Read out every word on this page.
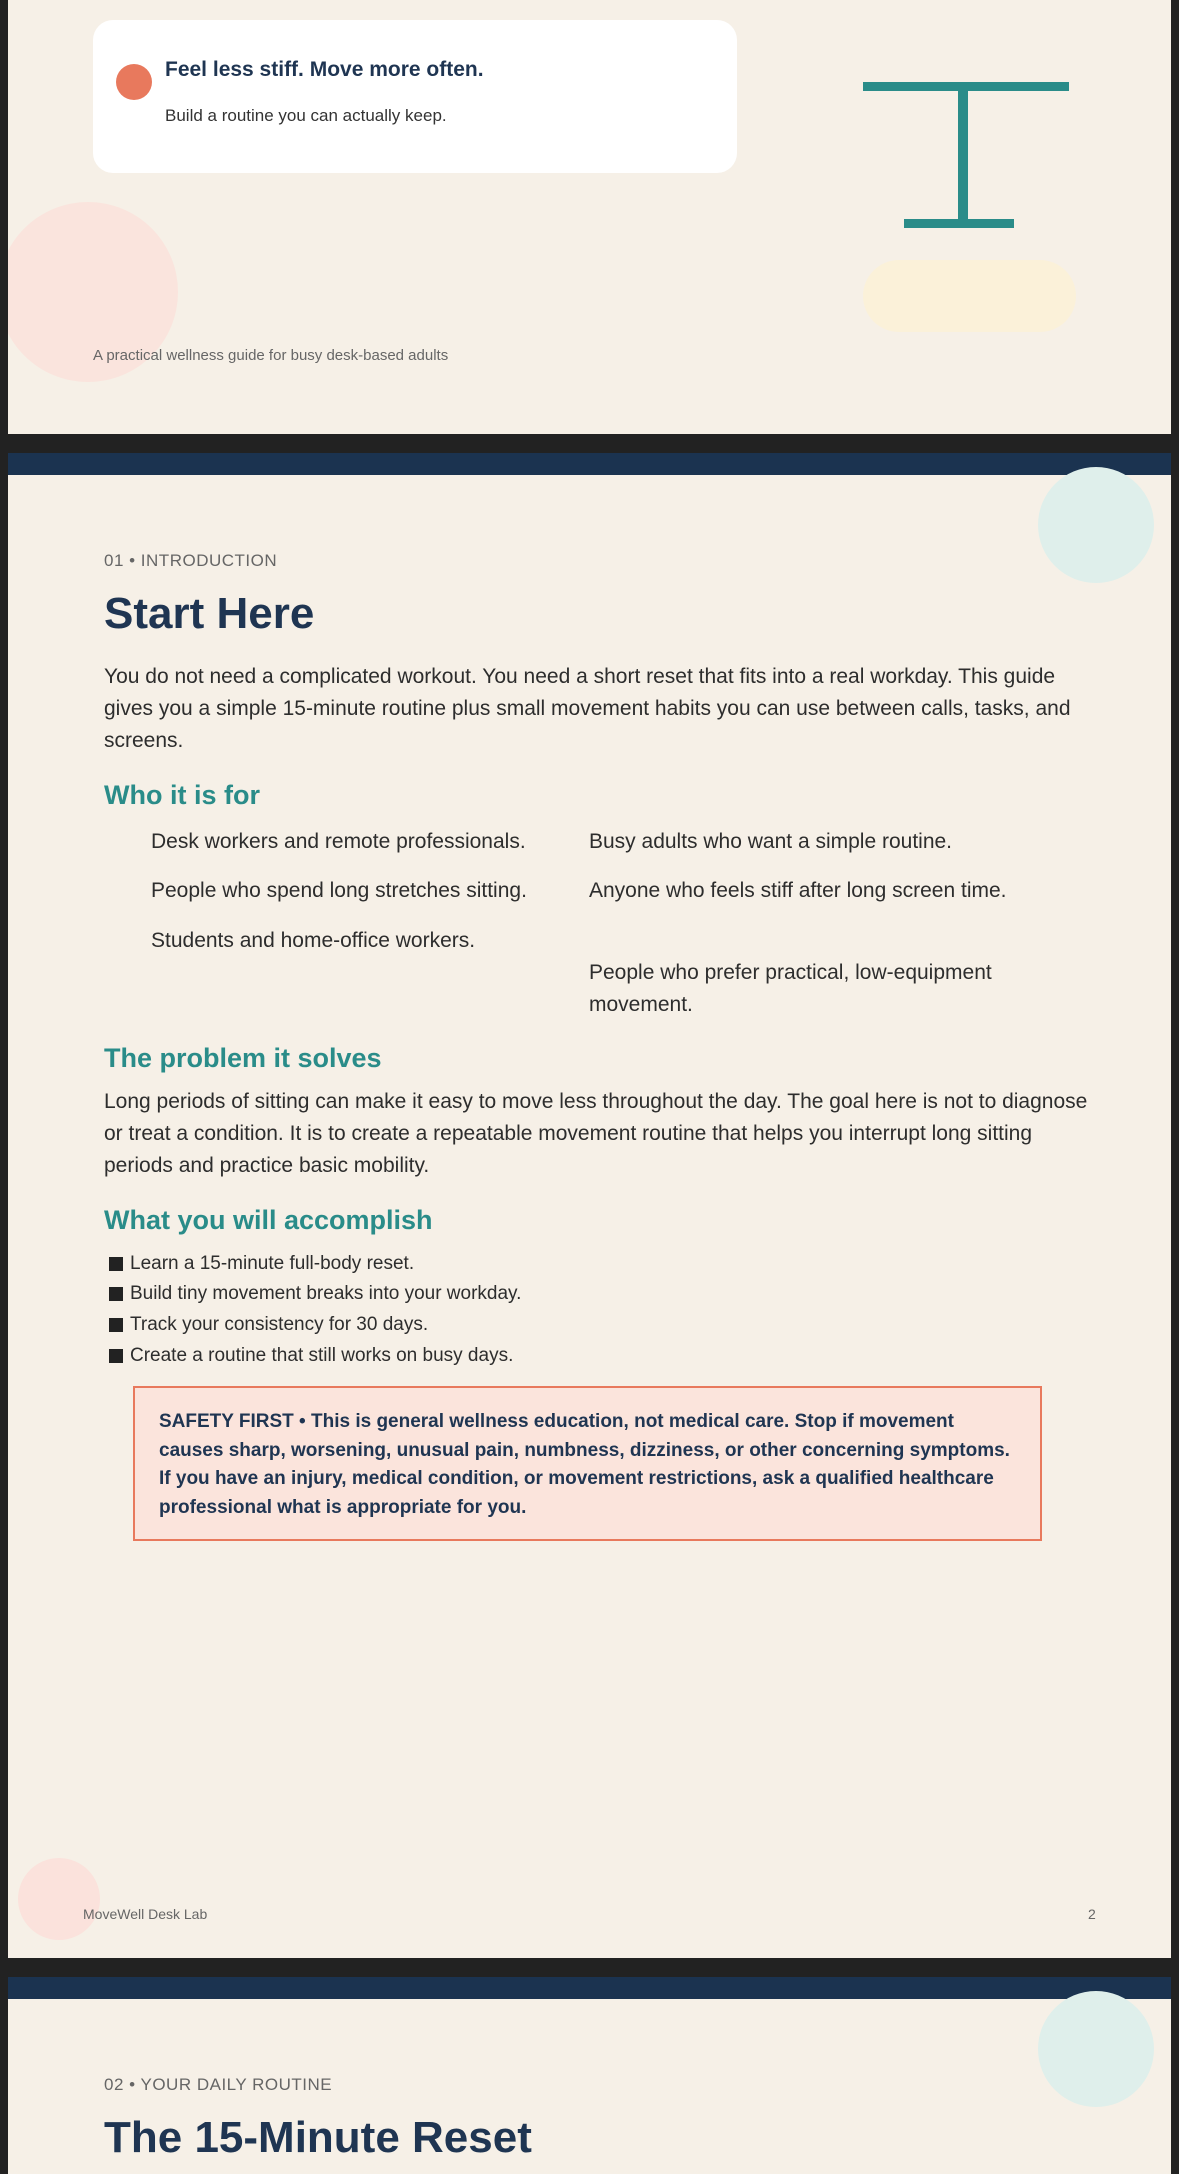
Feel less stiff. Move more often.
Build a routine you can actually keep.
A practical wellness guide for busy desk-based adults
01 • INTRODUCTION
Start Here

You do not need a complicated workout. You need a short reset that fits into a real workday. This guide gives you a simple 15-minute routine plus small movement habits you can use between calls, tasks, and screens.

Who it is for
Desk workers and remote professionals.
People who spend long stretches sitting.
Students and home-office workers.
Busy adults who want a simple routine.
Anyone who feels stiff after long screen time.
People who prefer practical, low-equipment movement.
The problem it solves

Long periods of sitting can make it easy to move less throughout the day. The goal here is not to diagnose or treat a condition. It is to create a repeatable movement routine that helps you interrupt long sitting periods and practice basic mobility.

What you will accomplish
Learn a 15-minute full-body reset.
Build tiny movement breaks into your workday.
Track your consistency for 30 days.
Create a routine that still works on busy days.
SAFETY FIRST • This is general wellness education, not medical care. Stop if movement causes sharp, worsening, unusual pain, numbness, dizziness, or other concerning symptoms. If you have an injury, medical condition, or movement restrictions, ask a qualified healthcare professional what is appropriate for you.
MoveWell Desk Lab	2
02 • YOUR DAILY ROUTINE
The 15-Minute Reset
